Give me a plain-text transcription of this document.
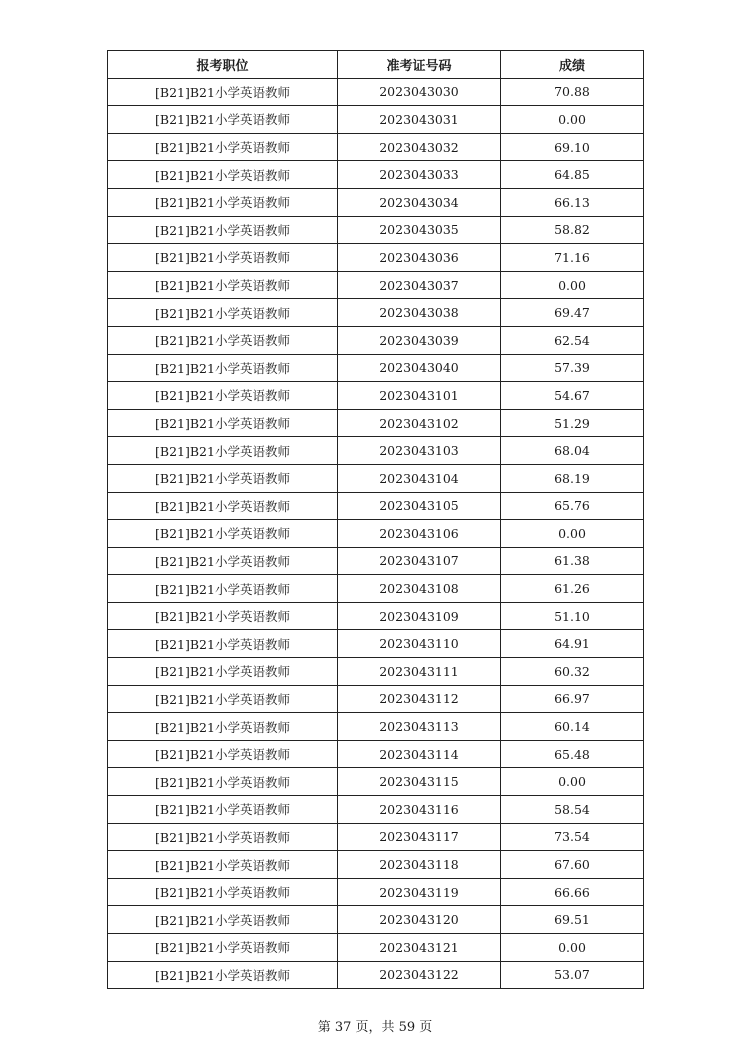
报考职位	准考证号码	成绩
[B21]B21小学英语教师	2023043030	70.88
[B21]B21小学英语教师	2023043031	0.00
[B21]B21小学英语教师	2023043032	69.10
[B21]B21小学英语教师	2023043033	64.85
[B21]B21小学英语教师	2023043034	66.13
[B21]B21小学英语教师	2023043035	58.82
[B21]B21小学英语教师	2023043036	71.16
[B21]B21小学英语教师	2023043037	0.00
[B21]B21小学英语教师	2023043038	69.47
[B21]B21小学英语教师	2023043039	62.54
[B21]B21小学英语教师	2023043040	57.39
[B21]B21小学英语教师	2023043101	54.67
[B21]B21小学英语教师	2023043102	51.29
[B21]B21小学英语教师	2023043103	68.04
[B21]B21小学英语教师	2023043104	68.19
[B21]B21小学英语教师	2023043105	65.76
[B21]B21小学英语教师	2023043106	0.00
[B21]B21小学英语教师	2023043107	61.38
[B21]B21小学英语教师	2023043108	61.26
[B21]B21小学英语教师	2023043109	51.10
[B21]B21小学英语教师	2023043110	64.91
[B21]B21小学英语教师	2023043111	60.32
[B21]B21小学英语教师	2023043112	66.97
[B21]B21小学英语教师	2023043113	60.14
[B21]B21小学英语教师	2023043114	65.48
[B21]B21小学英语教师	2023043115	0.00
[B21]B21小学英语教师	2023043116	58.54
[B21]B21小学英语教师	2023043117	73.54
[B21]B21小学英语教师	2023043118	67.60
[B21]B21小学英语教师	2023043119	66.66
[B21]B21小学英语教师	2023043120	69.51
[B21]B21小学英语教师	2023043121	0.00
[B21]B21小学英语教师	2023043122	53.07
第 37 页，共 59 页
